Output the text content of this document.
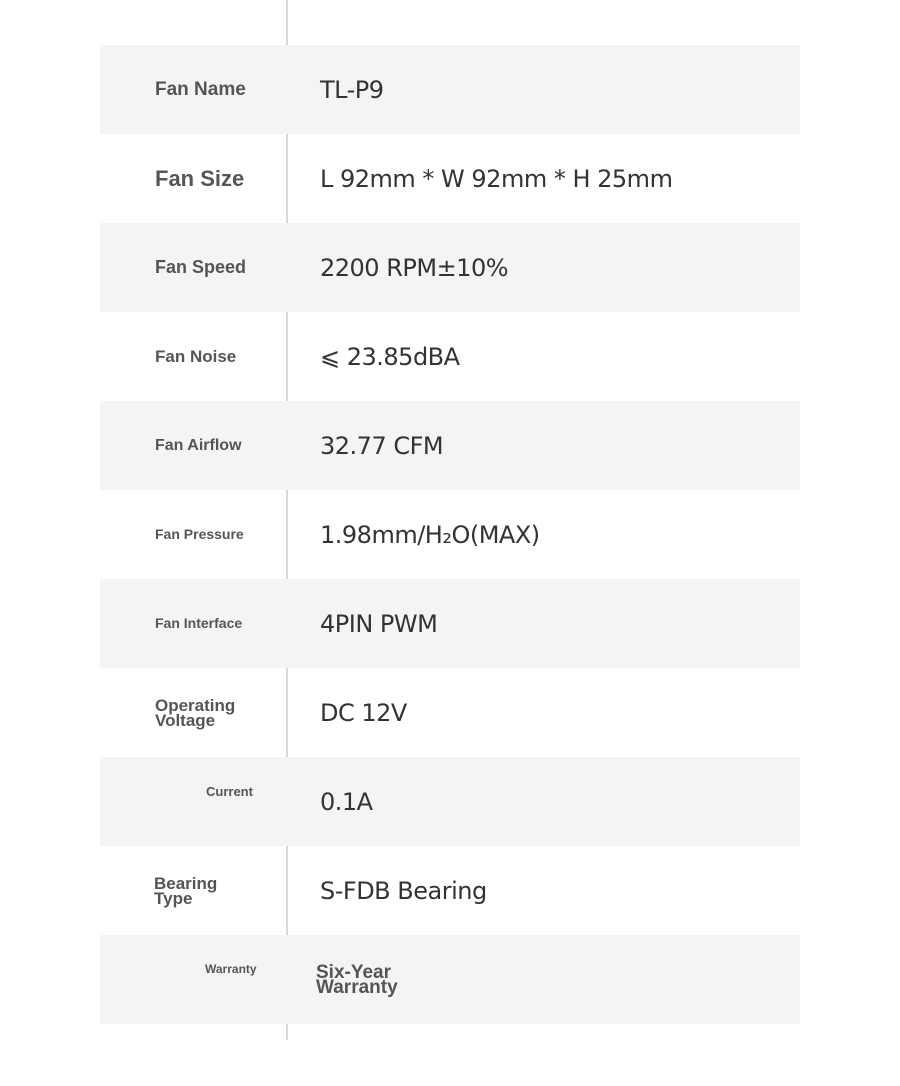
Fan Name	TL-P9
Fan Size	L 92mm * W 92mm * H 25mm
Fan Speed	2200 RPM±10%
Fan Noise	⩽ 23.85dBA
Fan Airflow	32.77 CFM
Fan Pressure	1.98mm/H₂O(MAX)
Fan Interface	4PIN PWM
Operating Voltage	DC 12V
Current	0.1A
Bearing Type	S-FDB Bearing
Warranty	Six-Year Warranty
